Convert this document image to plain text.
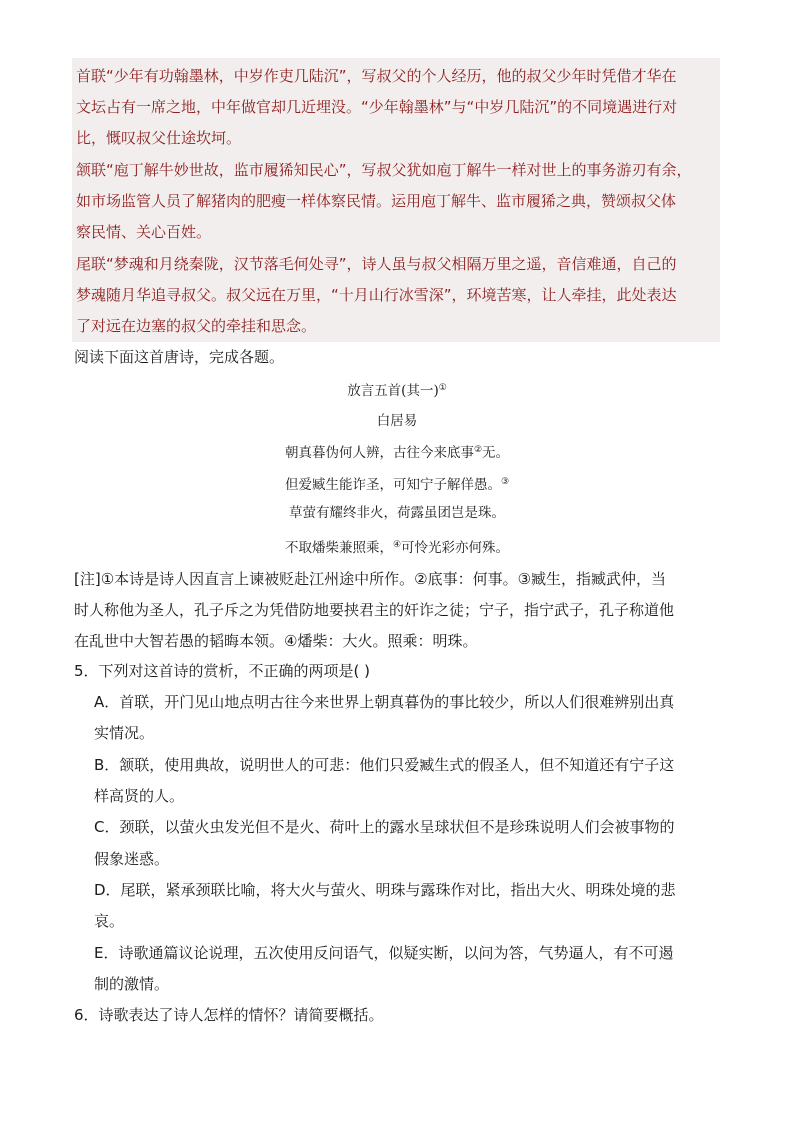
首联“少年有功翰墨林，中岁作吏几陆沉”，写叔父的个人经历，他的叔父少年时凭借才华在
文坛占有一席之地，中年做官却几近埋没。“少年翰墨林”与“中岁几陆沉”的不同境遇进行对
比，慨叹叔父仕途坎坷。
颔联“庖丁解牛妙世故，监市履狶知民心”，写叔父犹如庖丁解牛一样对世上的事务游刃有余，
如市场监管人员了解猪肉的肥瘦一样体察民情。运用庖丁解牛、监市履狶之典，赞颂叔父体
察民情、关心百姓。
尾联“梦魂和月绕秦陇，汉节落毛何处寻”，诗人虽与叔父相隔万里之遥，音信难通，自己的
梦魂随月华追寻叔父。叔父远在万里，“十月山行冰雪深”，环境苦寒，让人牵挂，此处表达
了对远在边塞的叔父的牵挂和思念。
阅读下面这首唐诗，完成各题。
放言五首(其一)①
白居易
朝真暮伪何人辨，古往今来底事②无。
但爱臧生能诈圣，可知宁子解佯愚。③
草萤有耀终非火，荷露虽团岂是珠。
不取燔柴兼照乘，④可怜光彩亦何殊。
[注]①本诗是诗人因直言上谏被贬赴江州途中所作。②底事：何事。③臧生，指臧武仲，当
时人称他为圣人，孔子斥之为凭借防地要挟君主的奸诈之徒；宁子，指宁武子，孔子称道他
在乱世中大智若愚的韬晦本领。④燔柴：大火。照乘：明珠。
5．下列对这首诗的赏析，不正确的两项是( )
A．首联，开门见山地点明古往今来世界上朝真暮伪的事比较少，所以人们很难辨别出真
实情况。
B．颔联，使用典故，说明世人的可悲：他们只爱臧生式的假圣人，但不知道还有宁子这
样高贤的人。
C．颈联，以萤火虫发光但不是火、荷叶上的露水呈球状但不是珍珠说明人们会被事物的
假象迷惑。
D．尾联，紧承颈联比喻，将大火与萤火、明珠与露珠作对比，指出大火、明珠处境的悲
哀。
E．诗歌通篇议论说理，五次使用反问语气，似疑实断，以问为答，气势逼人，有不可遏
制的激情。
6．诗歌表达了诗人怎样的情怀？请简要概括。
